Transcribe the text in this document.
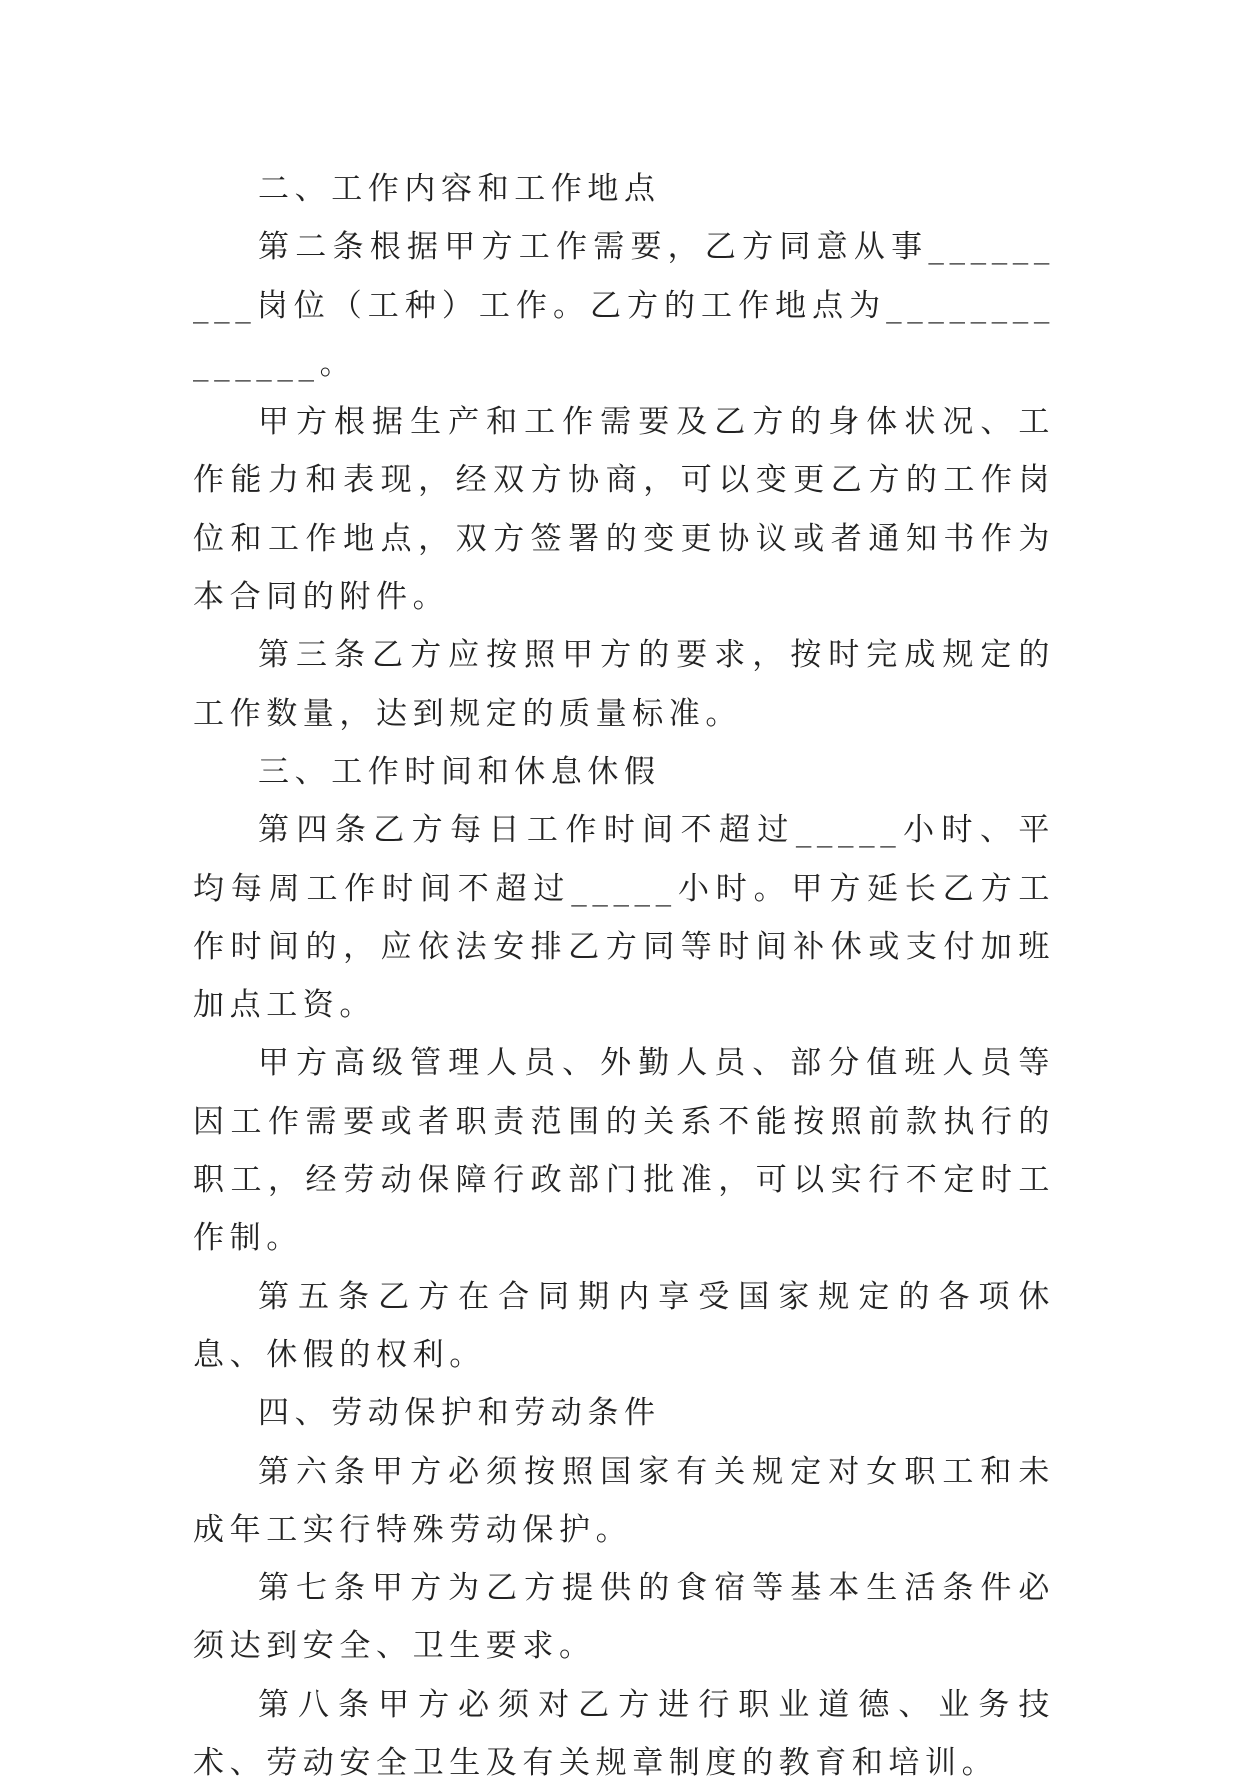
二、工作内容和工作地点

第二条根据甲方工作需要，乙方同意从事_________岗位（工种）工作。乙方的工作地点为______________。

甲方根据生产和工作需要及乙方的身体状况、工作能力和表现，经双方协商，可以变更乙方的工作岗位和工作地点，双方签署的变更协议或者通知书作为本合同的附件。

第三条乙方应按照甲方的要求，按时完成规定的工作数量，达到规定的质量标准。

三、工作时间和休息休假

第四条乙方每日工作时间不超过_____小时、平均每周工作时间不超过_____小时。甲方延长乙方工作时间的，应依法安排乙方同等时间补休或支付加班加点工资。

甲方高级管理人员、外勤人员、部分值班人员等因工作需要或者职责范围的关系不能按照前款执行的职工，经劳动保障行政部门批准，可以实行不定时工作制。

第五条乙方在合同期内享受国家规定的各项休息、休假的权利。

四、劳动保护和劳动条件

第六条甲方必须按照国家有关规定对女职工和未成年工实行特殊劳动保护。

第七条甲方为乙方提供的食宿等基本生活条件必须达到安全、卫生要求。

第八条甲方必须对乙方进行职业道德、业务技术、劳动安全卫生及有关规章制度的教育和培训。
